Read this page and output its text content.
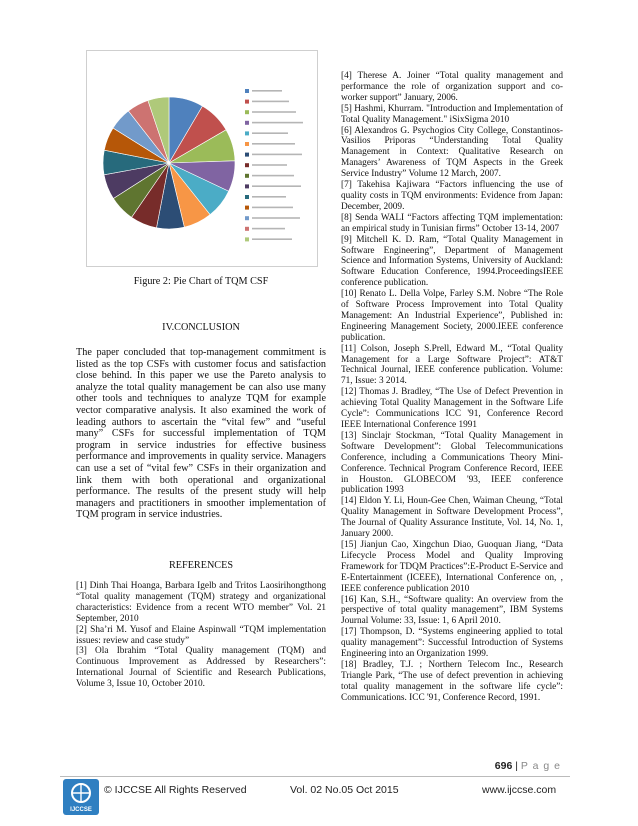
Figure 2: Pie Chart of TQM CSF
IV.CONCLUSION
The paper concluded that top-management commitment is listed as the top CSFs with customer focus and satisfaction close behind. In this paper we use the Pareto analysis to analyze the total quality management be can also use many other tools and techniques to analyze TQM for example vector comparative analysis. It also examined the work of leading authors to ascertain the “vital few” and “useful many” CSFs for successful implementation of TQM program in service industries for effective business performance and improvements in quality service. Managers can use a set of “vital few” CSFs in their organization and link them with both operational and organizational performance. The results of the present study will help managers and practitioners in smoother implementation of TQM program in service industries.
REFERENCES
[1] Dinh Thai Hoanga, Barbara Igelb and Tritos Laosirihongthong “Total quality management (TQM) strategy and organizational characteristics: Evidence from a recent WTO member” Vol. 21 September, 2010
[2] Sha’ri M. Yusof and Elaine Aspinwall “TQM implementation issues: review and case study”
[3] Ola Ibrahim “Total Quality management (TQM) and Continuous Improvement as Addressed by Researchers”: International Journal of Scientific and Research Publications, Volume 3, Issue 10, October 2010.
[4] Therese A. Joiner “Total quality management and performance the role of organization support and co-worker support” January, 2006.
[5] Hashmi, Khurram. "Introduction and Implementation of Total Quality Management." iSixSigma 2010
[6] Alexandros G. Psychogios City College, Constantinos-Vasilios Priporas “Understanding Total Quality Management in Context: Qualitative Research on Managers’ Awareness of TQM Aspects in the Greek Service Industry” Volume 12 March, 2007.
[7] Takehisa Kajiwara “Factors influencing the use of quality costs in TQM environments: Evidence from Japan: December, 2009.
[8] Senda WALI “Factors affecting TQM implementation: an empirical study in Tunisian firms” October 13-14, 2007
[9] Mitchell K. D. Ram, “Total Quality Management in Software Engineering”, Department of Management Science and Information Systems, University of Auckland: Software Education Conference, 1994.ProceedingsIEEE conference publication.
[10] Renato L. Della Volpe, Farley S.M. Nobre “The Role of Software Process Improvement into Total Quality Management: An Industrial Experience”, Published in: Engineering Management Society, 2000.IEEE conference publication.
[11] Colson, Joseph S.Prell, Edward M., “Total Quality Management for a Large Software Project”: AT&T Technical Journal, IEEE conference publication. Volume: 71, Issue: 3 2014.
[12] Thomas J. Bradley, “The Use of Defect Prevention in achieving Total Quality Management in the Software Life Cycle”: Communications ICC '91, Conference Record IEEE International Conference 1991
[13] Sinclajr Stockman, “Total Quality Management in Software Development”: Global Telecommunications Conference, including a Communications Theory Mini-Conference. Technical Program Conference Record, IEEE in Houston. GLOBECOM '93, IEEE conference publication 1993
[14] Eldon Y. Li, Houn-Gee Chen, Waiman Cheung, “Total Quality Management in Software Development Process”, The Journal of Quality Assurance Institute, Vol. 14, No. 1, January 2000.
[15] Jianjun Cao, Xingchun Diao, Guoquan Jiang, “Data Lifecycle Process Model and Quality Improving Framework for TDQM Practices”:E-Product E-Service and E-Entertainment (ICEEE), International Conference on, , IEEE conference publication 2010
[16] Kan, S.H., “Software quality: An overview from the perspective of total quality management”, IBM Systems Journal Volume: 33, Issue: 1, 6 April 2010.
[17] Thompson, D. “Systems engineering applied to total quality management”: Successful Introduction of Systems Engineering into an Organization 1999.
[18] Bradley, T.J. ; Northern Telecom Inc., Research Triangle Park, “The use of defect prevention in achieving total quality management in the software life cycle”: Communications. ICC '91, Conference Record, 1991.
696 | P a g e
IJCCSE
© IJCCSE All Rights Reserved	Vol. 02 No.05 Oct 2015	www.ijccse.com
